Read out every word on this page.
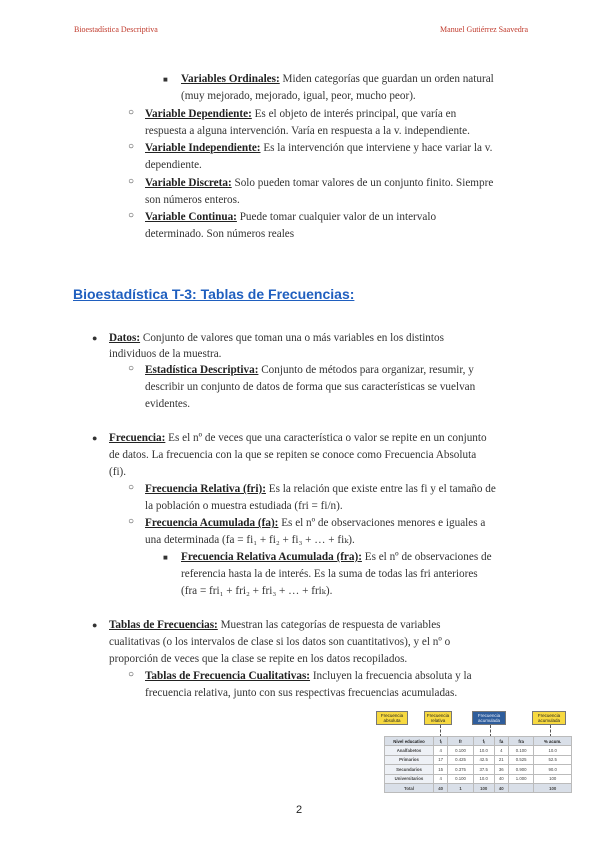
Bioestadística Descriptiva	Manuel Gutiérrez Saavedra
■ Variables Ordinales: Miden categorías que guardan un orden natural
(muy mejorado, mejorado, igual, peor, mucho peor).
○ Variable Dependiente: Es el objeto de interés principal, que varía en
respuesta a alguna intervención. Varía en respuesta a la v. independiente.
○ Variable Independiente: Es la intervención que interviene y hace variar la v.
dependiente.
○ Variable Discreta: Solo pueden tomar valores de un conjunto finito. Siempre
son números enteros.
○ Variable Continua: Puede tomar cualquier valor de un intervalo
determinado. Son números reales
Bioestadística T-3: Tablas de Frecuencias:
● Datos: Conjunto de valores que toman una o más variables en los distintos
individuos de la muestra.
○ Estadística Descriptiva: Conjunto de métodos para organizar, resumir, y
describir un conjunto de datos de forma que sus características se vuelvan
evidentes.
● Frecuencia: Es el nº de veces que una característica o valor se repite en un conjunto
de datos. La frecuencia con la que se repiten se conoce como Frecuencia Absoluta
(fi).
○ Frecuencia Relativa (fri): Es la relación que existe entre las fi y el tamaño de
la población o muestra estudiada (fri = fi/n).
○ Frecuencia Acumulada (fa): Es el nº de observaciones menores e iguales a
una determinada (fa = fi₁ + fi₂ + fi₃ + … + fiₖ).
■ Frecuencia Relativa Acumulada (fra): Es el nº de observaciones de
referencia hasta la de interés. Es la suma de todas las fri anteriores
(fra = fri₁ + fri₂ + fri₃ + … + friₖ).
● Tablas de Frecuencias: Muestran las categorías de respuesta de variables
cualitativas (o los intervalos de clase si los datos son cuantitativos), y el nº o
proporción de veces que la clase se repite en los datos recopilados.
○ Tablas de Frecuencia Cualitativas: Incluyen la frecuencia absoluta y la
frecuencia relativa, junto con sus respectivas frecuencias acumuladas.
Frecuencia absoluta
Frecuencia relativa
Frecuencia acumulada
Frecuencia acumulada
Nivel educativo	fᵢ	fr	fᵢ	fa	fra	% acum.
Analfabetos	4	0.100	10.0	4	0.100	10.0
Primarios	17	0.425	42.5	21	0.525	52.5
Secundarios	15	0.375	37.5	36	0.900	90.0
Universitarios	4	0.100	10.0	40	1.000	100
Total	40	1	100	40		100
2
